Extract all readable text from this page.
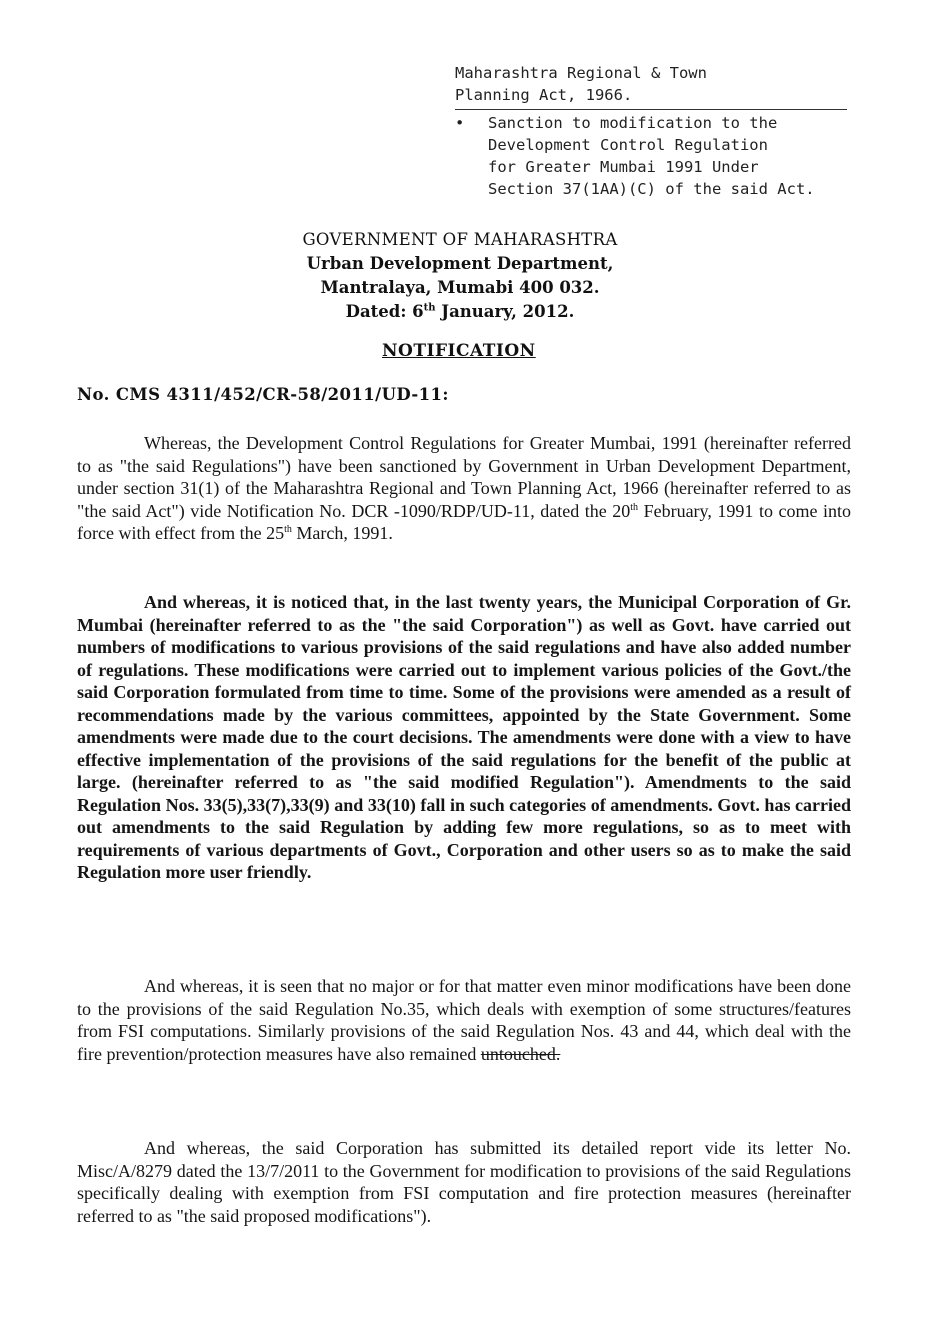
Maharashtra Regional & Town

Planning Act, 1966.

•	Sanction to modification to the
Development Control Regulation
for Greater Mumbai 1991 Under
Section 37(1AA)(C) of the said Act.
GOVERNMENT OF MAHARASHTRA
Urban Development Department,
Mantralaya, Mumabi 400 032.
Dated: 6th January, 2012.
NOTIFICATION
No. CMS 4311/452/CR-58/2011/UD-11:

Whereas, the Development Control Regulations for Greater Mumbai, 1991 (hereinafter referred to as "the said Regulations") have been sanctioned by Government in Urban Development Department, under section 31(1) of the Maharashtra Regional and Town Planning Act, 1966 (hereinafter referred to as "the said Act") vide Notification No. DCR -1090/RDP/UD-11, dated the 20th February, 1991 to come into force with effect from the 25th March, 1991.

And whereas, it is noticed that, in the last twenty years, the Municipal Corporation of Gr. Mumbai (hereinafter referred to as the "the said Corporation") as well as Govt. have carried out numbers of modifications to various provisions of the said regulations and have also added number of regulations. These modifications were carried out to implement various policies of the Govt./the said Corporation formulated from time to time. Some of the provisions were amended as a result of recommendations made by the various committees, appointed by the State Government. Some amendments were made due to the court decisions. The amendments were done with a view to have effective implementation of the provisions of the said regulations for the benefit of the public at large. (hereinafter referred to as "the said modified Regulation"). Amendments to the said Regulation Nos. 33(5),33(7),33(9) and 33(10) fall in such categories of amendments. Govt. has carried out amendments to the said Regulation by adding few more regulations, so as to meet with requirements of various departments of Govt., Corporation and other users so as to make the said Regulation more user friendly.

And whereas, it is seen that no major or for that matter even minor modifications have been done to the provisions of the said Regulation No.35, which deals with exemption of some structures/features from FSI computations. Similarly provisions of the said Regulation Nos. 43 and 44, which deal with the fire prevention/protection measures have also remained untouched.

And whereas, the said Corporation has submitted its detailed report vide its letter No. Misc/A/8279 dated the 13/7/2011 to the Government for modification to provisions of the said Regulations specifically dealing with exemption from FSI computation and fire protection measures (hereinafter referred to as "the said proposed modifications").
